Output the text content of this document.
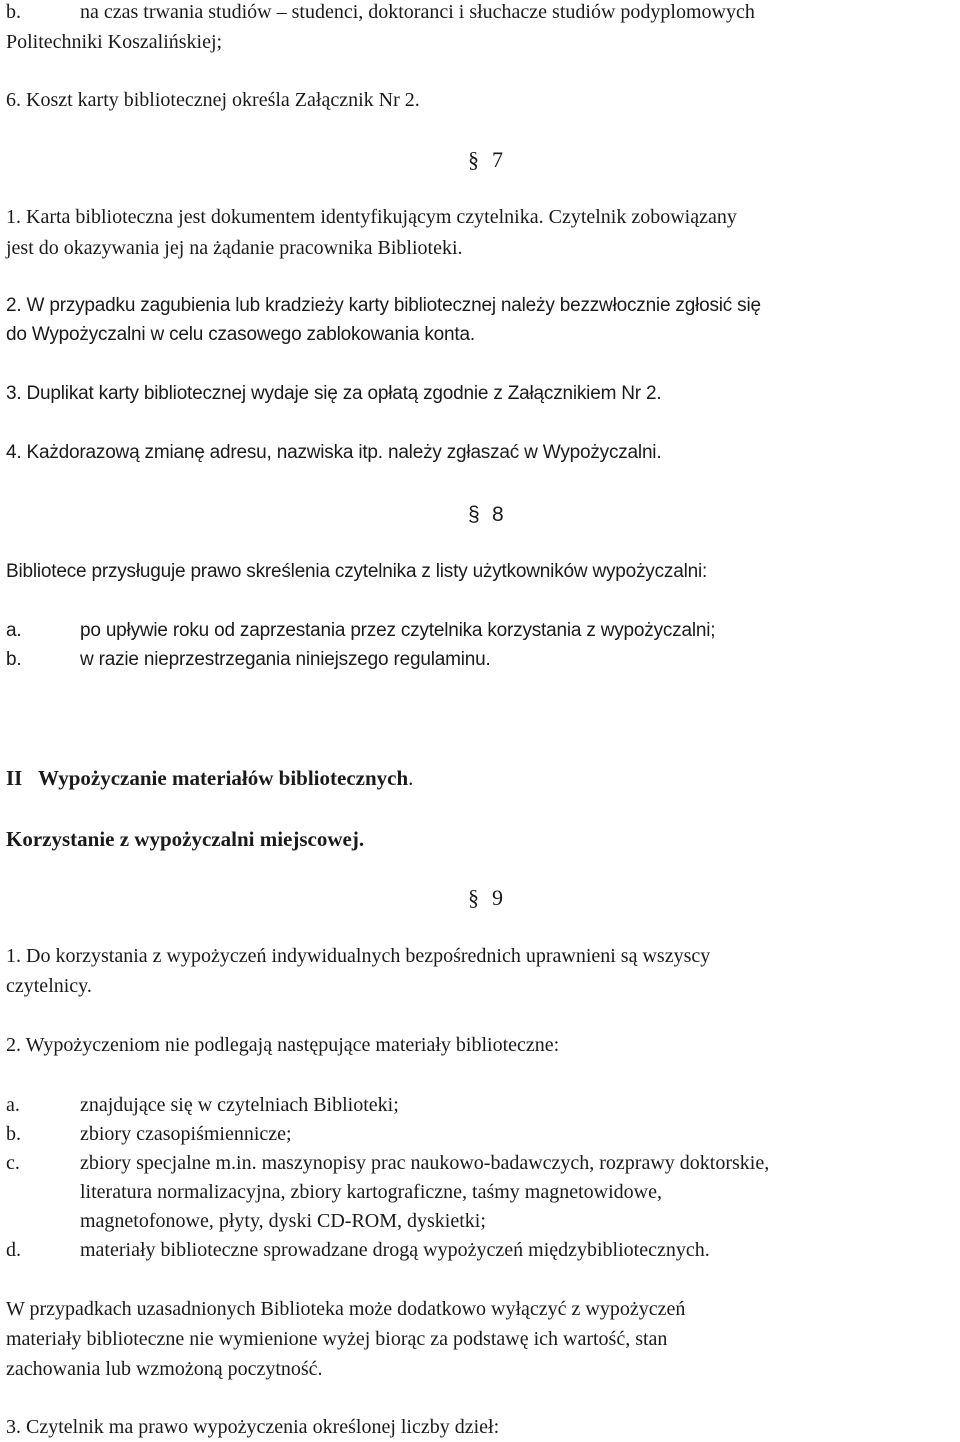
b.	na czas trwania studiów – studenci, doktoranci i słuchacze studiów podyplomowych
Politechniki Koszalińskiej;
6. Koszt karty bibliotecznej określa Załącznik Nr 2.
§ 7
1. Karta biblioteczna jest dokumentem identyfikującym czytelnika. Czytelnik zobowiązany
jest do okazywania jej na żądanie pracownika Biblioteki.
2. W przypadku zagubienia lub kradzieży karty bibliotecznej należy bezzwłocznie zgłosić się
do Wypożyczalni w celu czasowego zablokowania konta.
3. Duplikat karty bibliotecznej wydaje się za opłatą zgodnie z Załącznikiem Nr 2.
4. Każdorazową zmianę adresu, nazwiska itp. należy zgłaszać w Wypożyczalni.
§ 8
Bibliotece przysługuje prawo skreślenia czytelnika z listy użytkowników wypożyczalni:
a.	po upływie roku od zaprzestania przez czytelnika korzystania z wypożyczalni;
b.	w razie nieprzestrzegania niniejszego regulaminu.
II Wypożyczanie materiałów bibliotecznych.
Korzystanie z wypożyczalni miejscowej.
§ 9
1. Do korzystania z wypożyczeń indywidualnych bezpośrednich uprawnieni są wszyscy
czytelnicy.
2. Wypożyczeniom nie podlegają następujące materiały biblioteczne:
a.	znajdujące się w czytelniach Biblioteki;
b.	zbiory czasopiśmiennicze;
c.	zbiory specjalne m.in. maszynopisy prac naukowo-badawczych, rozprawy doktorskie,
literatura normalizacyjna, zbiory kartograficzne, taśmy magnetowidowe,
magnetofonowe, płyty, dyski CD-ROM, dyskietki;
d.	materiały biblioteczne sprowadzane drogą wypożyczeń międzybibliotecznych.
W przypadkach uzasadnionych Biblioteka może dodatkowo wyłączyć z wypożyczeń
materiały biblioteczne nie wymienione wyżej biorąc za podstawę ich wartość, stan
zachowania lub wzmożoną poczytność.
3. Czytelnik ma prawo wypożyczenia określonej liczby dzieł:
